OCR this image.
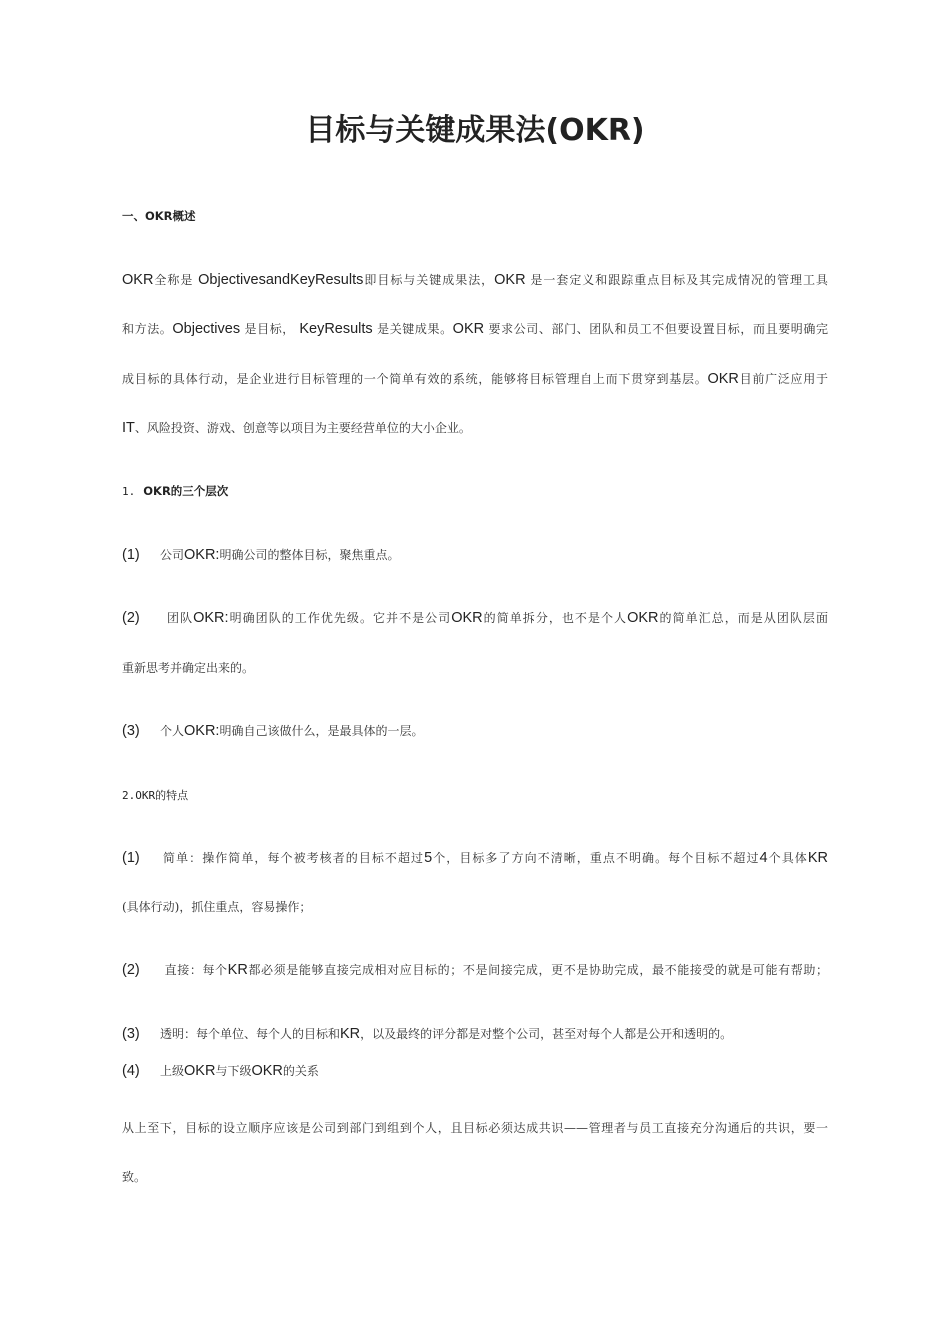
目标与关键成果法(OKR)
一、OKR概述
OKR全称是 ObjectivesandKeyResults即目标与关键成果法，OKR 是一套定义和跟踪重点目标及其完成情况的管理工具
和方法。Objectives 是目标， KeyResults 是关键成果。OKR 要求公司、部门、团队和员工不但要设置目标，而且要明确完
成目标的具体行动，是企业进行目标管理的一个简单有效的系统，能够将目标管理自上而下贯穿到基层。OKR目前广泛应用于
IT、风险投资、游戏、创意等以项目为主要经营单位的大小企业。
1. OKR的三个层次
(1) 公司OKR:明确公司的整体目标，聚焦重点。
(2) 团队OKR:明确团队的工作优先级。它并不是公司OKR的简单拆分，也不是个人OKR的简单汇总，而是从团队层面
重新思考并确定出来的。
(3) 个人OKR:明确自己该做什么，是最具体的一层。
2.OKR的特点
(1) 简单：操作简单，每个被考核者的目标不超过5个，目标多了方向不清晰，重点不明确。每个目标不超过4个具体KR
(具体行动)，抓住重点，容易操作；
(2) 直接：每个KR都必须是能够直接完成相对应目标的；不是间接完成，更不是协助完成，最不能接受的就是可能有帮助；
(3) 透明：每个单位、每个人的目标和KR，以及最终的评分都是对整个公司，甚至对每个人都是公开和透明的。
(4) 上级OKR与下级OKR的关系
从上至下，目标的设立顺序应该是公司到部门到组到个人，且目标必须达成共识——管理者与员工直接充分沟通后的共识，要一
致。
